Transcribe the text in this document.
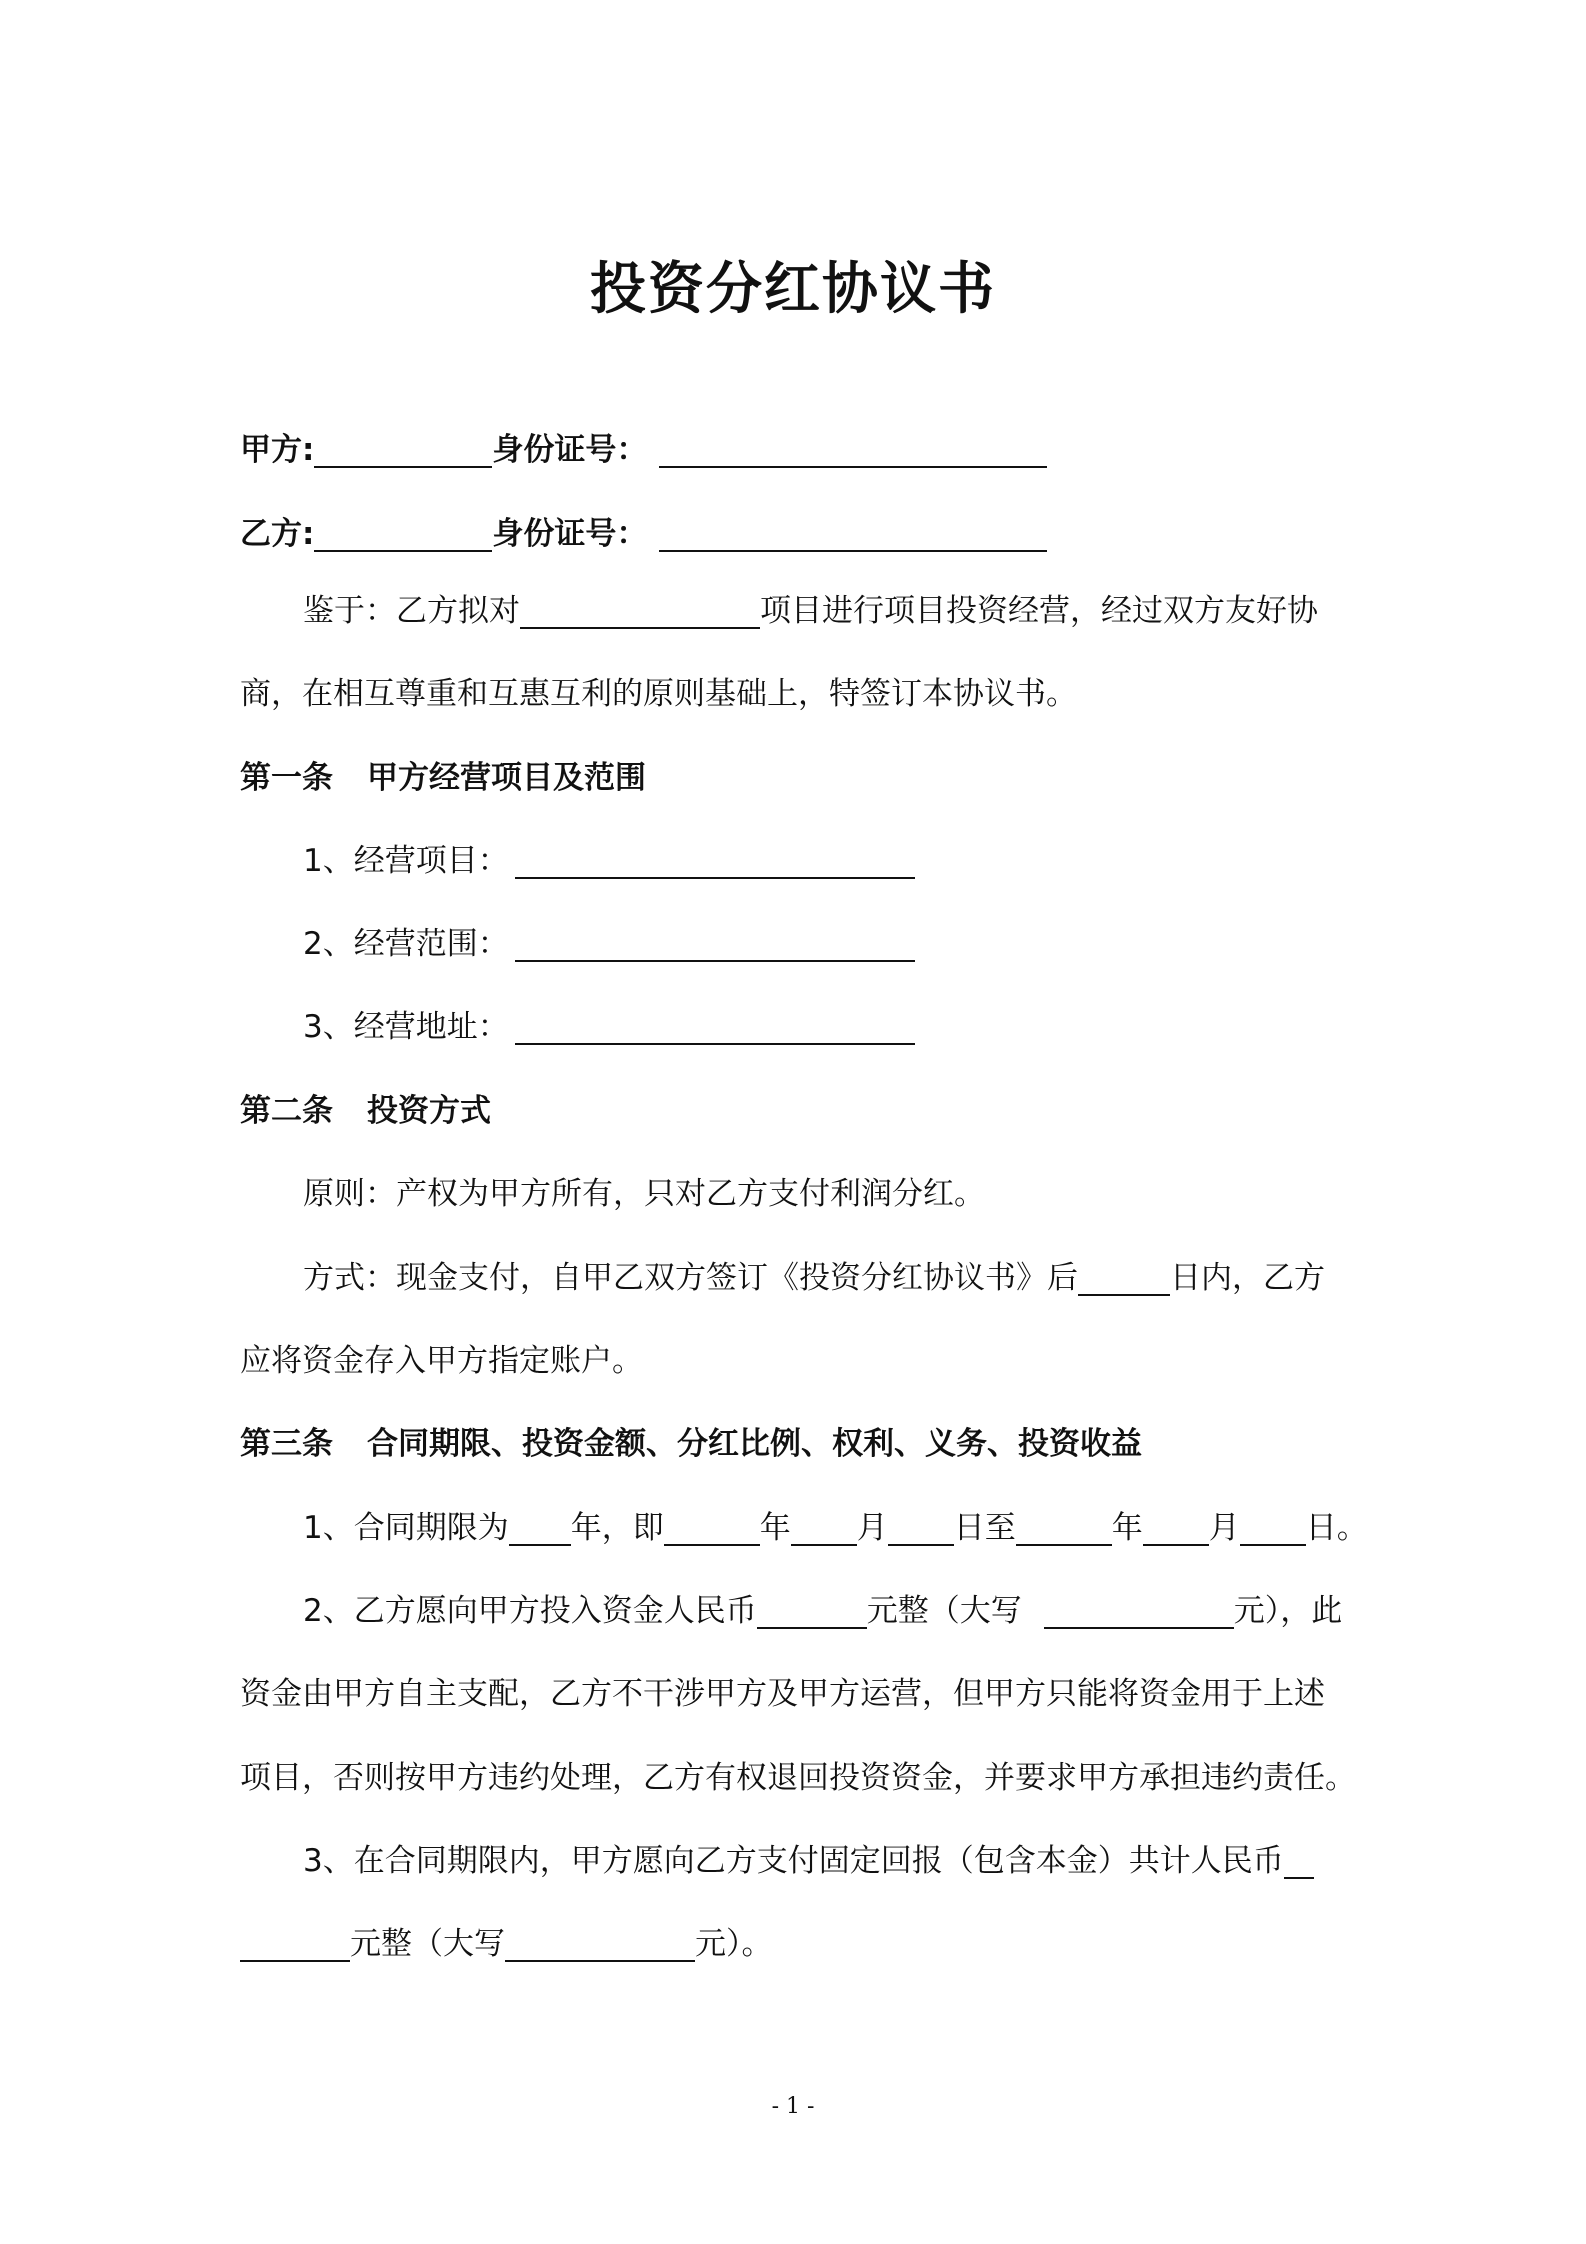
投资分红协议书
甲方:	身份证号：
乙方:	身份证号：
鉴于：乙方拟对	项目进行项目投资经营，经过双方友好协
商，在相互尊重和互惠互利的原则基础上，特签订本协议书。
第一条 甲方经营项目及范围
1、经营项目：
2、经营范围：
3、经营地址：
第二条 投资方式
原则：产权为甲方所有，只对乙方支付利润分红。
方式：现金支付，自甲乙双方签订《投资分红协议书》后	日内，乙方
应将资金存入甲方指定账户。
第三条 合同期限、投资金额、分红比例、权利、义务、投资收益
1、合同期限为 年，即	年 月 日至	年 月 日。
2、乙方愿向甲方投入资金人民币	元整（大写	元），此
资金由甲方自主支配，乙方不干涉甲方及甲方运营，但甲方只能将资金用于上述
项目，否则按甲方违约处理，乙方有权退回投资资金，并要求甲方承担违约责任。
3、在合同期限内，甲方愿向乙方支付固定回报（包含本金）共计人民币
元整（大写	元）。
- 1 -
